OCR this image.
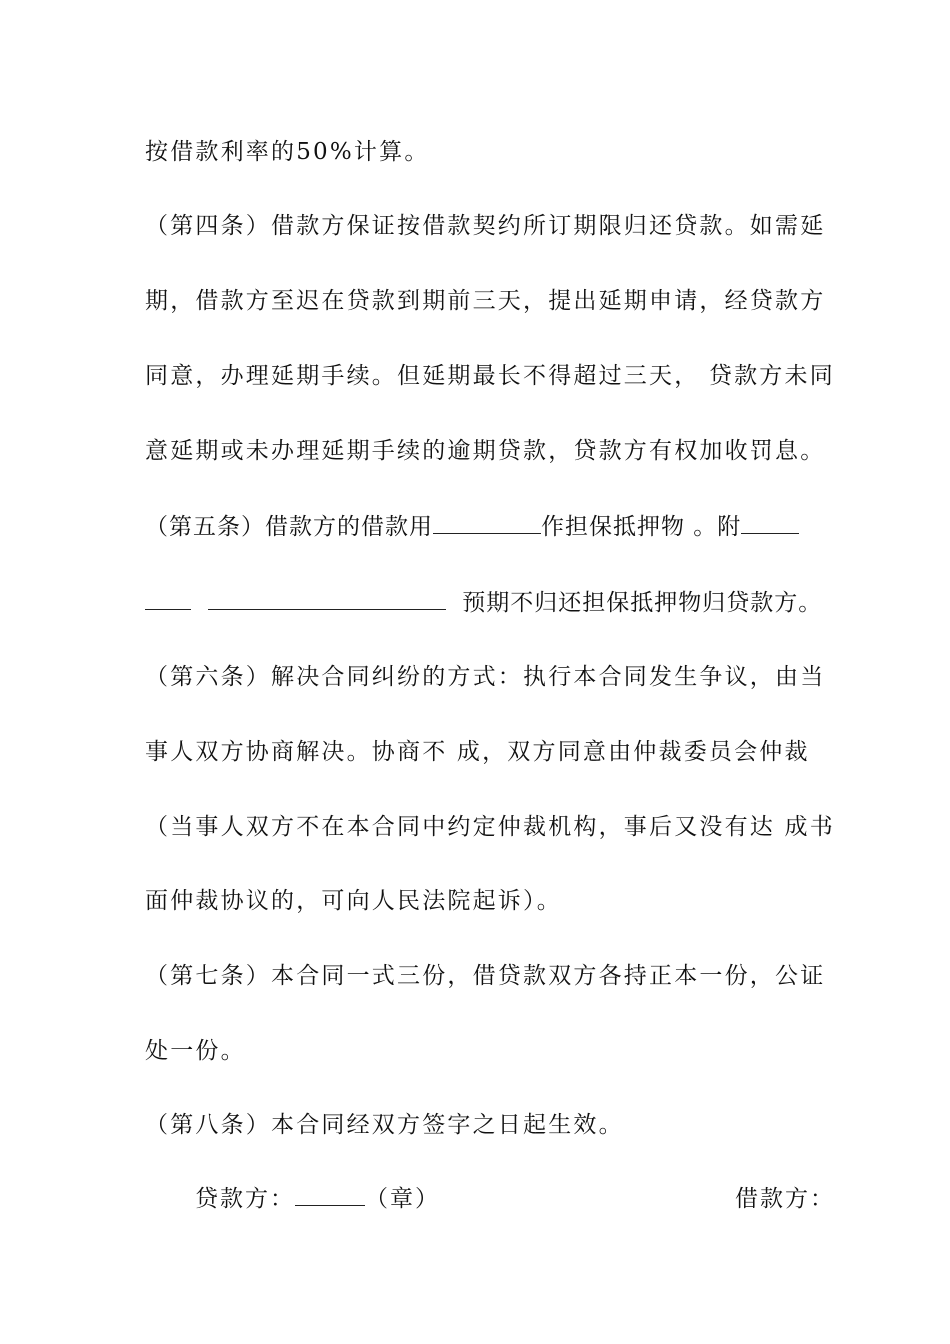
按借款利率的50%计算。
（第四条）借款方保证按借款契约所订期限归还贷款。如需延
期，借款方至迟在贷款到期前三天，提出延期申请，经贷款方
同意，办理延期手续。但延期最长不得超过三天， 贷款方未同
意延期或未办理延期手续的逾期贷款，贷款方有权加收罚息。
（第五条）借款方的借款用	作担保抵押物 。附
预期不归还担保抵押物归贷款方。
（第六条）解决合同纠纷的方式：执行本合同发生争议，由当
事人双方协商解决。协商不 成，双方同意由仲裁委员会仲裁
（当事人双方不在本合同中约定仲裁机构，事后又没有达 成书
面仲裁协议的，可向人民法院起诉）。
（第七条）本合同一式三份，借贷款双方各持正本一份，公证
处一份。
（第八条）本合同经双方签字之日起生效。
贷款方：	（章）	借款方：
